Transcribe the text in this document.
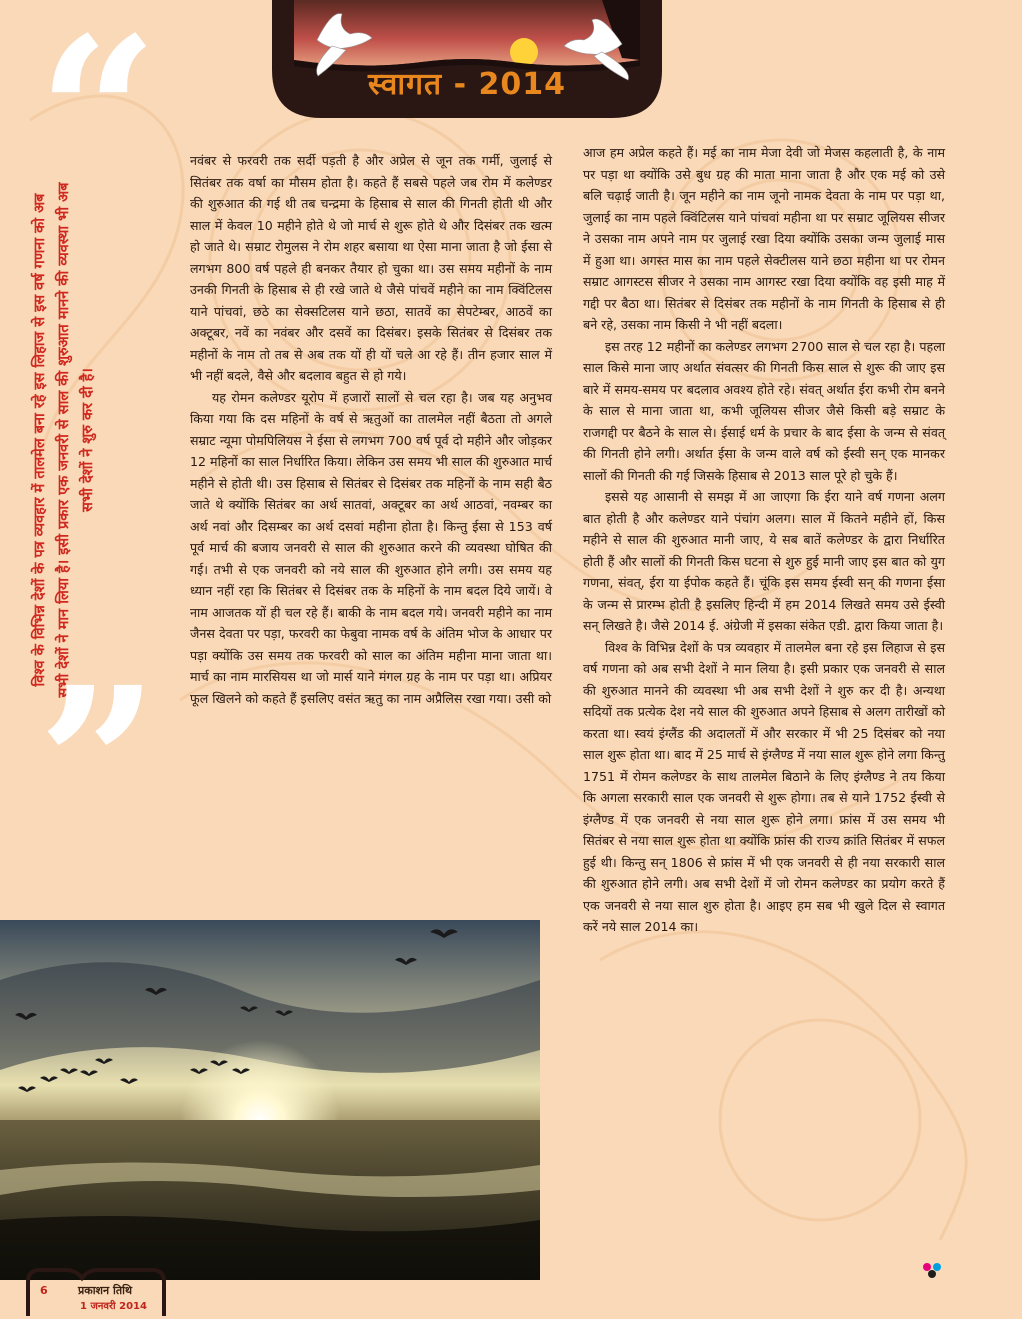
स्वागत - 2014
“
विश्व के विभिन्न देशों के पत्र व्यवहार में तालमेल बना रहे इस लिहाज से इस वर्ष गणना को अब सभी देशों ने मान लिया है। इसी प्रकार एक जनवरी से साल की शुरुआत मानने की व्यवस्था भी अब सभी देशों ने शुरु कर दी है।
”

नवंबर से फरवरी तक सर्दी पड़ती है और अप्रेल से जून तक गर्मी, जुलाई से सितंबर तक वर्षा का मौसम होता है। कहते हैं सबसे पहले जब रोम में कलेण्डर की शुरुआत की गई थी तब चन्द्रमा के हिसाब से साल की गिनती होती थी और साल में केवल 10 महीने होते थे जो मार्च से शुरू होते थे और दिसंबर तक खत्म हो जाते थे। सम्राट रोमुलस ने रोम शहर बसाया था ऐसा माना जाता है जो ईसा से लगभग 800 वर्ष पहले ही बनकर तैयार हो चुका था। उस समय महीनों के नाम उनकी गिनती के हिसाब से ही रखे जाते थे जैसे पांचवें महीने का नाम क्विंटिलस याने पांचवां, छठे का सेक्सटिलस याने छठा, सातवें का सेपटेम्बर, आठवें का अक्टूबर, नवें का नवंबर और दसवें का दिसंबर। इसके सितंबर से दिसंबर तक महीनों के नाम तो तब से अब तक यों ही यों चले आ रहे हैं। तीन हजार साल में भी नहीं बदले, वैसे और बदलाव बहुत से हो गये।

यह रोमन कलेण्डर यूरोप में हजारों सालों से चल रहा है। जब यह अनुभव किया गया कि दस महिनों के वर्ष से ऋतुओं का तालमेल नहीं बैठता तो अगले सम्राट न्यूमा पोमपिलियस ने ईसा से लगभग 700 वर्ष पूर्व दो महीने और जोड़कर 12 महिनों का साल निर्धारित किया। लेकिन उस समय भी साल की शुरुआत मार्च महीने से होती थी। उस हिसाब से सितंबर से दिसंबर तक महिनों के नाम सही बैठ जाते थे क्योंकि सितंबर का अर्थ सातवां, अक्टूबर का अर्थ आठवां, नवम्बर का अर्थ नवां और दिसम्बर का अर्थ दसवां महीना होता है। किन्तु ईसा से 153 वर्ष पूर्व मार्च की बजाय जनवरी से साल की शुरुआत करने की व्यवस्था घोषित की गई। तभी से एक जनवरी को नये साल की शुरुआत होने लगी। उस समय यह ध्यान नहीं रहा कि सितंबर से दिसंबर तक के महिनों के नाम बदल दिये जायें। वे नाम आजतक यों ही चल रहे हैं। बाकी के नाम बदल गये। जनवरी महीने का नाम जैनस देवता पर पड़ा, फरवरी का फेबुवा नामक वर्ष के अंतिम भोज के आधार पर पड़ा क्योंकि उस समय तक फरवरी को साल का अंतिम महीना माना जाता था। मार्च का नाम मारसियस था जो मार्स याने मंगल ग्रह के नाम पर पड़ा था। अप्रियर फूल खिलने को कहते हैं इसलिए वसंत ऋतु का नाम अप्रैलिस रखा गया। उसी को

आज हम अप्रेल कहते हैं। मई का नाम मेजा देवी जो मेजस कहलाती है, के नाम पर पड़ा था क्योंकि उसे बुध ग्रह की माता माना जाता है और एक मई को उसे बलि चढ़ाई जाती है। जून महीने का नाम जूनो नामक देवता के नाम पर पड़ा था, जुलाई का नाम पहले क्विंटिलस याने पांचवां महीना था पर सम्राट जूलियस सीजर ने उसका नाम अपने नाम पर जुलाई रखा दिया क्योंकि उसका जन्म जुलाई मास में हुआ था। अगस्त मास का नाम पहले सेक्टीलस याने छठा महीना था पर रोमन सम्राट आगस्टस सीजर ने उसका नाम आगस्ट रखा दिया क्योंकि वह इसी माह में गद्दी पर बैठा था। सितंबर से दिसंबर तक महीनों के नाम गिनती के हिसाब से ही बने रहे, उसका नाम किसी ने भी नहीं बदला।

इस तरह 12 महीनों का कलेण्डर लगभग 2700 साल से चल रहा है। पहला साल किसे माना जाए अर्थात संवत्सर की गिनती किस साल से शुरू की जाए इस बारे में समय-समय पर बदलाव अवश्य होते रहे। संवत् अर्थात ईरा कभी रोम बनने के साल से माना जाता था, कभी जूलियस सीजर जैसे किसी बड़े सम्राट के राजगद्दी पर बैठने के साल से। ईसाई धर्म के प्रचार के बाद ईसा के जन्म से संवत् की गिनती होने लगी। अर्थात ईसा के जन्म वाले वर्ष को ईस्वी सन् एक मानकर सालों की गिनती की गई जिसके हिसाब से 2013 साल पूरे हो चुके हैं।

इससे यह आसानी से समझ में आ जाएगा कि ईरा याने वर्ष गणना अलग बात होती है और कलेण्डर याने पंचांग अलग। साल में कितने महीने हों, किस महीने से साल की शुरुआत मानी जाए, ये सब बातें कलेण्डर के द्वारा निर्धारित होती हैं और सालों की गिनती किस घटना से शुरु हुई मानी जाए इस बात को युग गणना, संवत्, ईरा या ईपोक कहते हैं। चूंकि इस समय ईस्वी सन् की गणना ईसा के जन्म से प्रारम्भ होती है इसलिए हिन्दी में हम 2014 लिखते समय उसे ईस्वी सन् लिखते है। जैसे 2014 ई. अंग्रेजी में इसका संकेत एडी. द्वारा किया जाता है।

विश्व के विभिन्न देशों के पत्र व्यवहार में तालमेल बना रहे इस लिहाज से इस वर्ष गणना को अब सभी देशों ने मान लिया है। इसी प्रकार एक जनवरी से साल की शुरुआत मानने की व्यवस्था भी अब सभी देशों ने शुरु कर दी है। अन्यथा सदियों तक प्रत्येक देश नये साल की शुरुआत अपने हिसाब से अलग तारीखों को करता था। स्वयं इंग्लैंड की अदालतों में और सरकार में भी 25 दिसंबर को नया साल शुरू होता था। बाद में 25 मार्च से इंग्लैण्ड में नया साल शुरू होने लगा किन्तु 1751 में रोमन कलेण्डर के साथ तालमेल बिठाने के लिए इंग्लैण्ड ने तय किया कि अगला सरकारी साल एक जनवरी से शुरू होगा। तब से याने 1752 ईस्वी से इंग्लैण्ड में एक जनवरी से नया साल शुरू होने लगा। फ्रांस में उस समय भी सितंबर से नया साल शुरू होता था क्योंकि फ्रांस की राज्य क्रांति सितंबर में सफल हुई थी। किन्तु सन् 1806 से फ्रांस में भी एक जनवरी से ही नया सरकारी साल की शुरुआत होने लगी। अब सभी देशों में जो रोमन कलेण्डर का प्रयोग करते हैं एक जनवरी से नया साल शुरु होता है। आइए हम सब भी खुले दिल से स्वागत करें नये साल 2014 का।

6	प्रकाशन तिथि
1 जनवरी 2014
